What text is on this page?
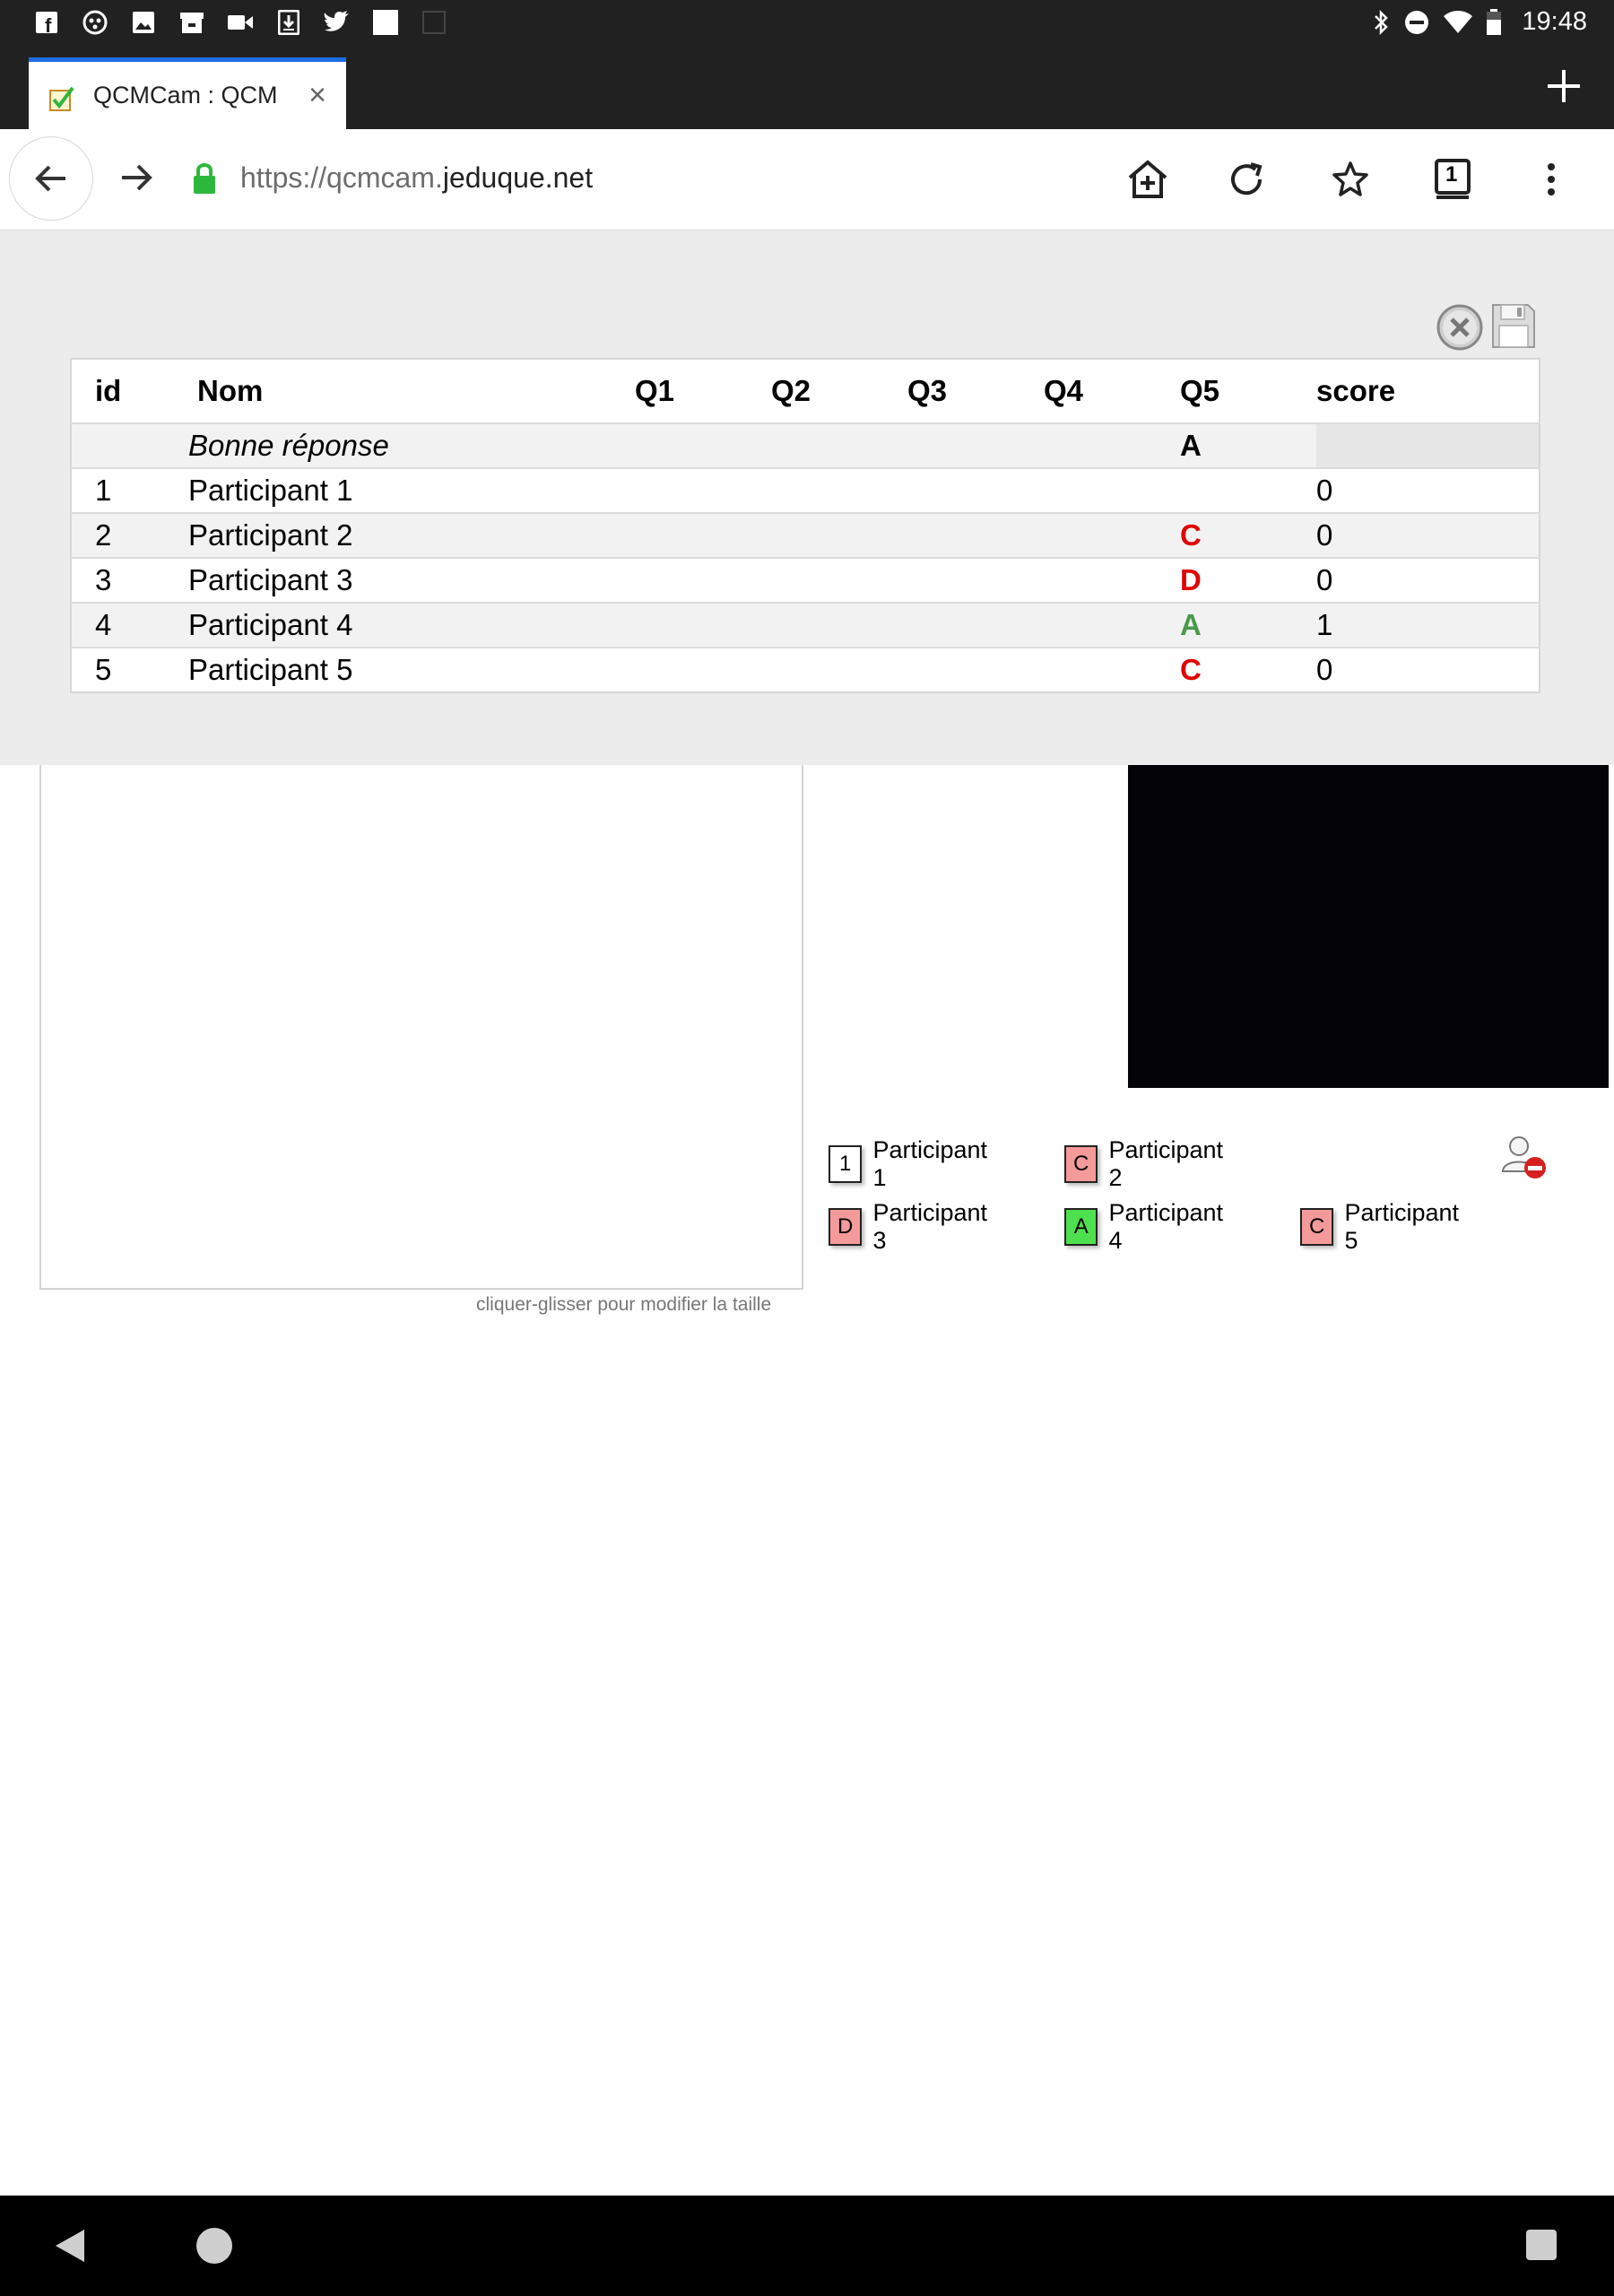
f	19:48
QCMCam : QCM	×
https://qcmcam.jeduque.net	1
id	Nom	Q1	Q2	Q3	Q4	Q5	score
	Bonne réponse					A	
1	Participant 1						0
2	Participant 2					C	0
3	Participant 3					D	0
4	Participant 4					A	1
5	Participant 5					C	0
cliquer-glisser pour modifier la taille
1
Participant 1
C
Participant 2
D
Participant 3
A
Participant 4
C
Participant 5
